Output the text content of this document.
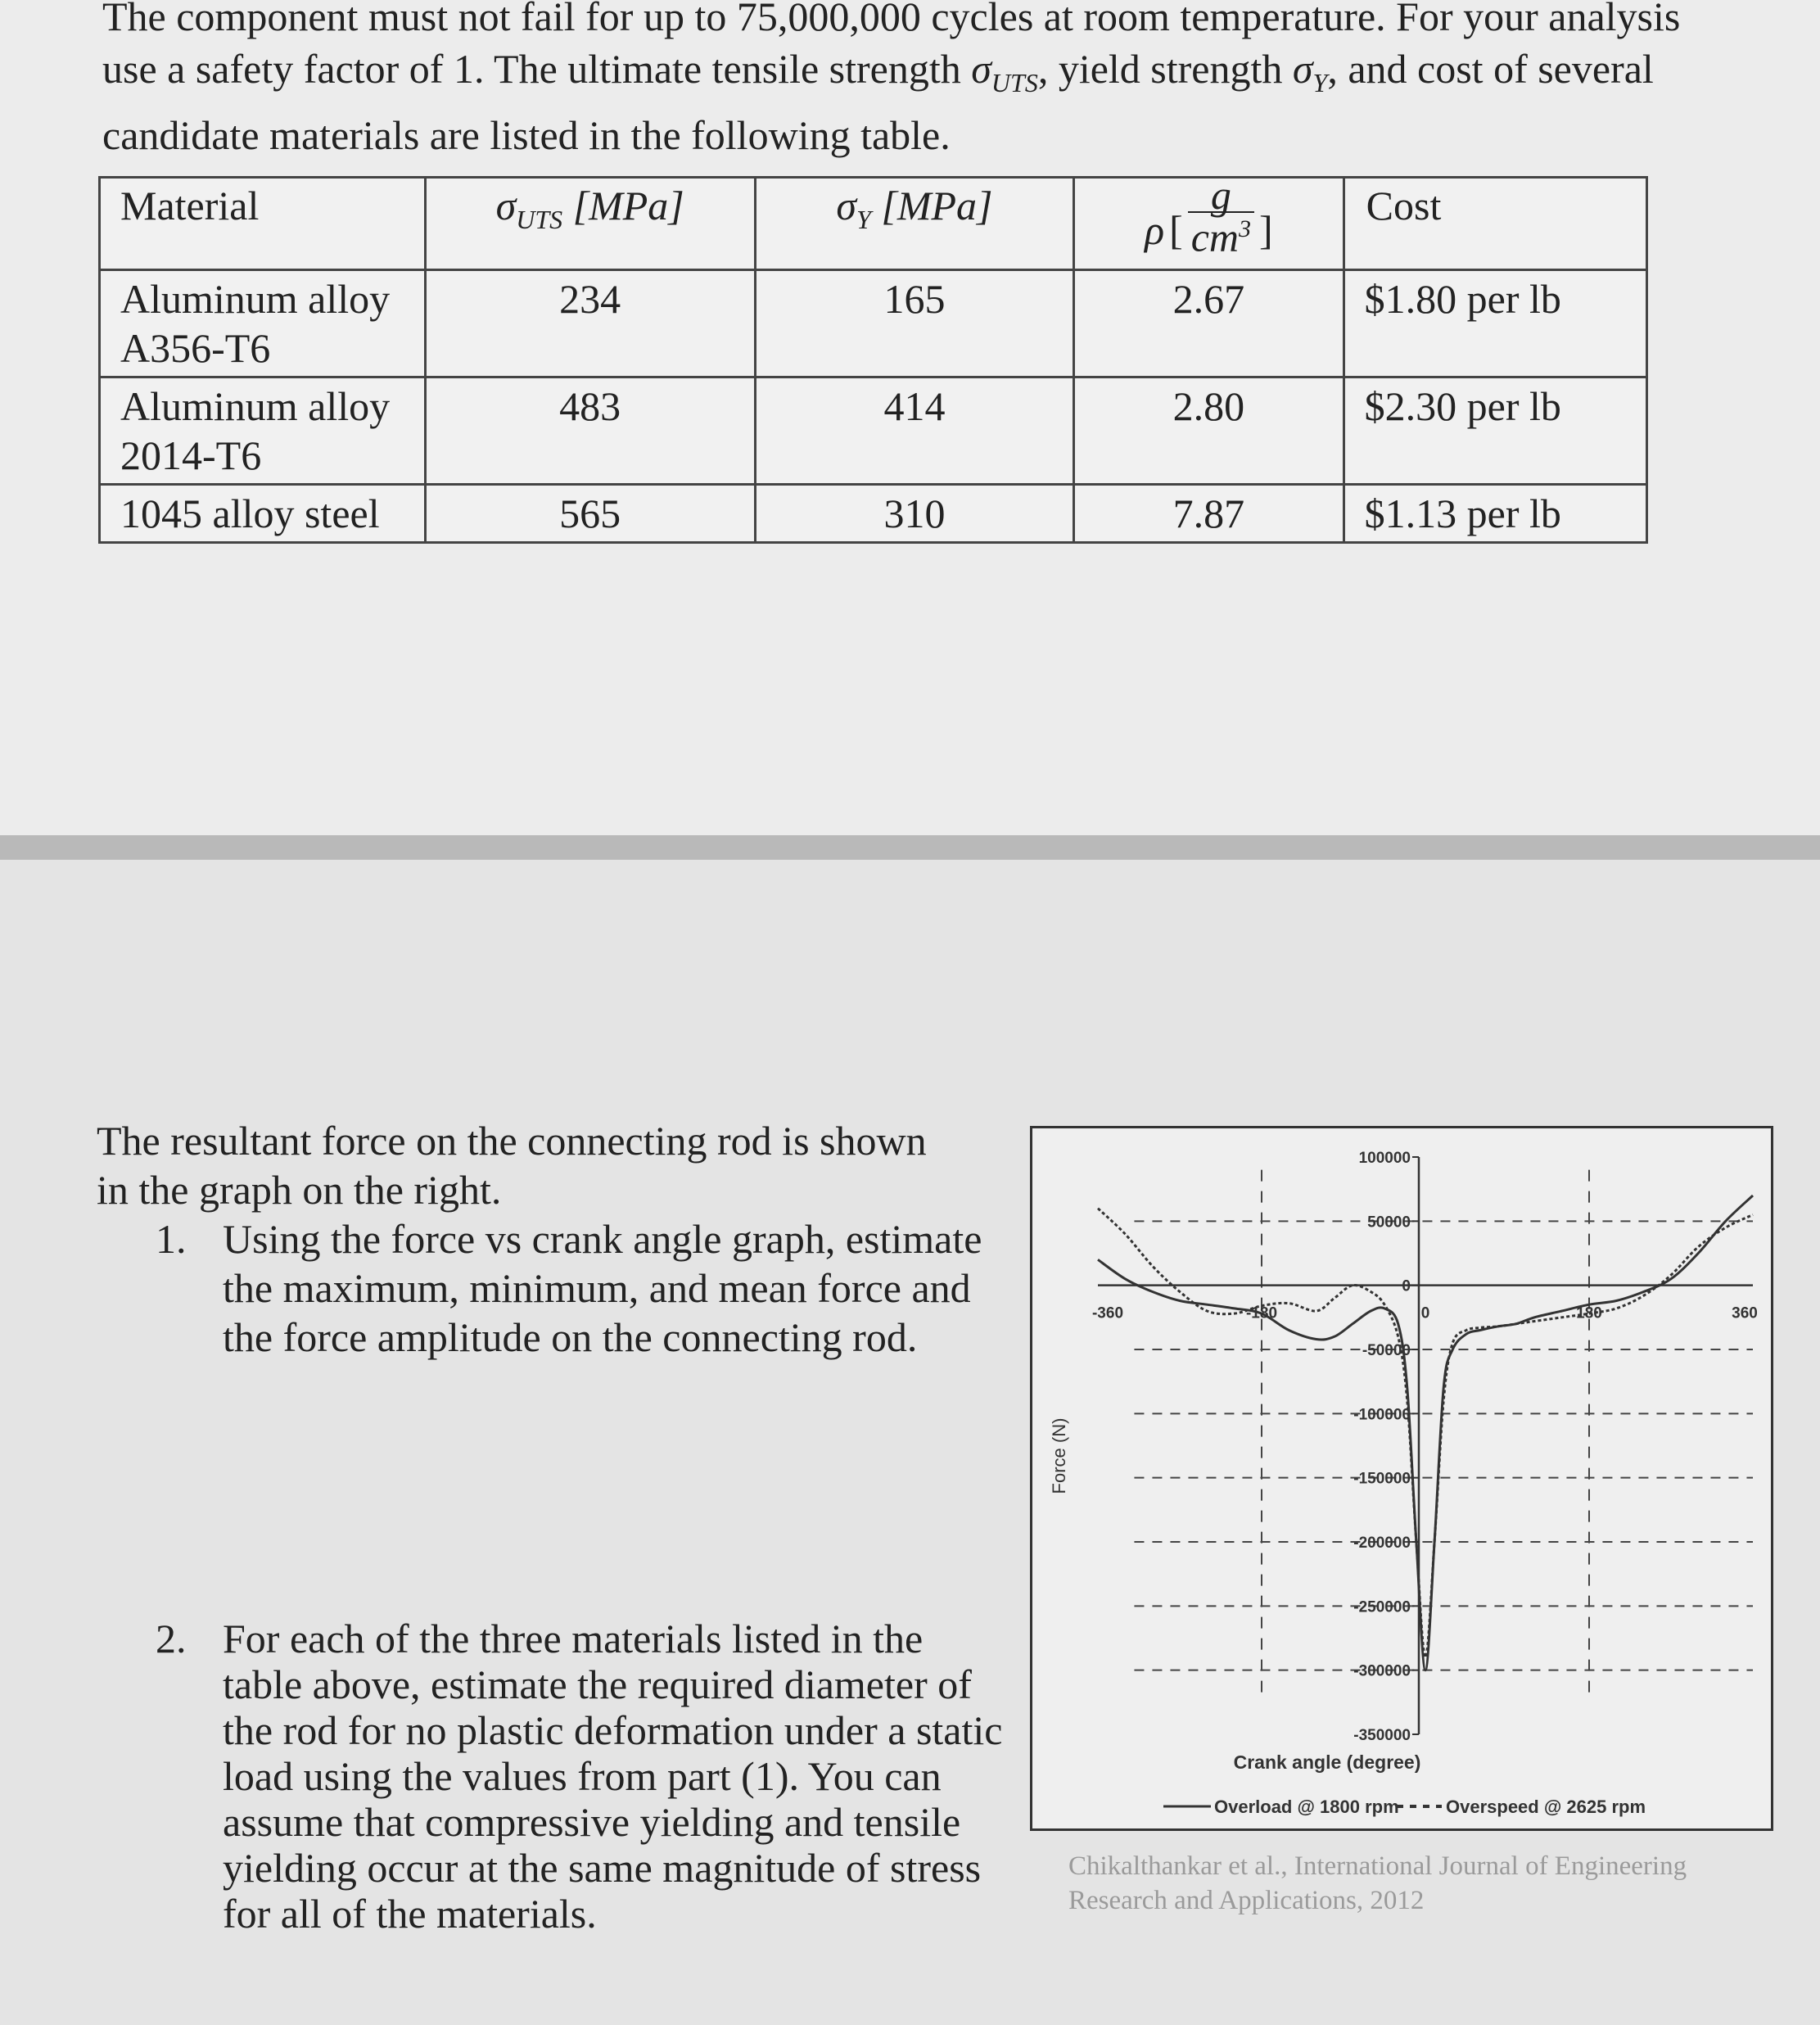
The component must not fail for up to 75,000,000 cycles at room temperature. For your analysis
use a safety factor of 1. The ultimate tensile strength $\sigma_{UTS}$, yield strength $\sigma_Y$, and cost of several
candidate materials are listed in the following table.
Material	$\sigma_{UTS}$ [MPa]	$\sigma_Y$ [MPa]	ρ [
g
$cm^3$ ]	Cost

Aluminum alloy
A356-T6	234	165	2.67	$1.80 per lb

Aluminum alloy
2014-T6	483	414	2.80	$2.30 per lb
1045 alloy steel	565	310	7.87	$1.13 per lb
The resultant force on the connecting rod is shown
in the graph on the right.
1. Using the force vs crank angle graph, estimate the maximum, minimum, and mean force and the force amplitude on the connecting rod.
2. For each of the three materials listed in the table above, estimate the required diameter of the rod for no plastic deformation under a static load using the values from part (1). You can assume that compressive yielding and tensile yielding occur at the same magnitude of stress for all of the materials.
100000
50000
0
-50000
-100000
-150000
-200000
-250000
-300000
-350000
-360	-180	0	180	360
Force (N)
Crank angle (degree)
Overload @ 1800 rpm	Overspeed @ 2625 rpm
Chikalthankar et al., International Journal of Engineering Research and Applications, 2012
